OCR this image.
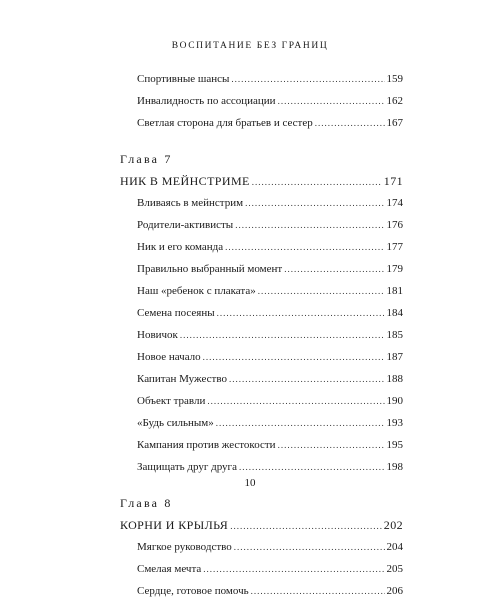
ВОСПИТАНИЕ БЕЗ ГРАНИЦ
Спортивные шансы .....	159
Инвалидность по ассоциации .....	162
Светлая сторона для братьев и сестер .....	167
Глава 7
НИК В МЕЙНСТРИМЕ .....	171
Вливаясь в мейнстрим .....	174
Родители-активисты .....	176
Ник и его команда .....	177
Правильно выбранный момент .....	179
Наш «ребенок с плаката» .....	181
Семена посеяны .....	184
Новичок .....	185
Новое начало .....	187
Капитан Мужество .....	188
Объект травли .....	190
«Будь сильным» .....	193
Кампания против жестокости .....	195
Защищать друг друга .....	198
Глава 8
КОРНИ И КРЫЛЬЯ .....	202
Мягкое руководство .....	204
Смелая мечта .....	205
Сердце, готовое помочь .....	206
10
